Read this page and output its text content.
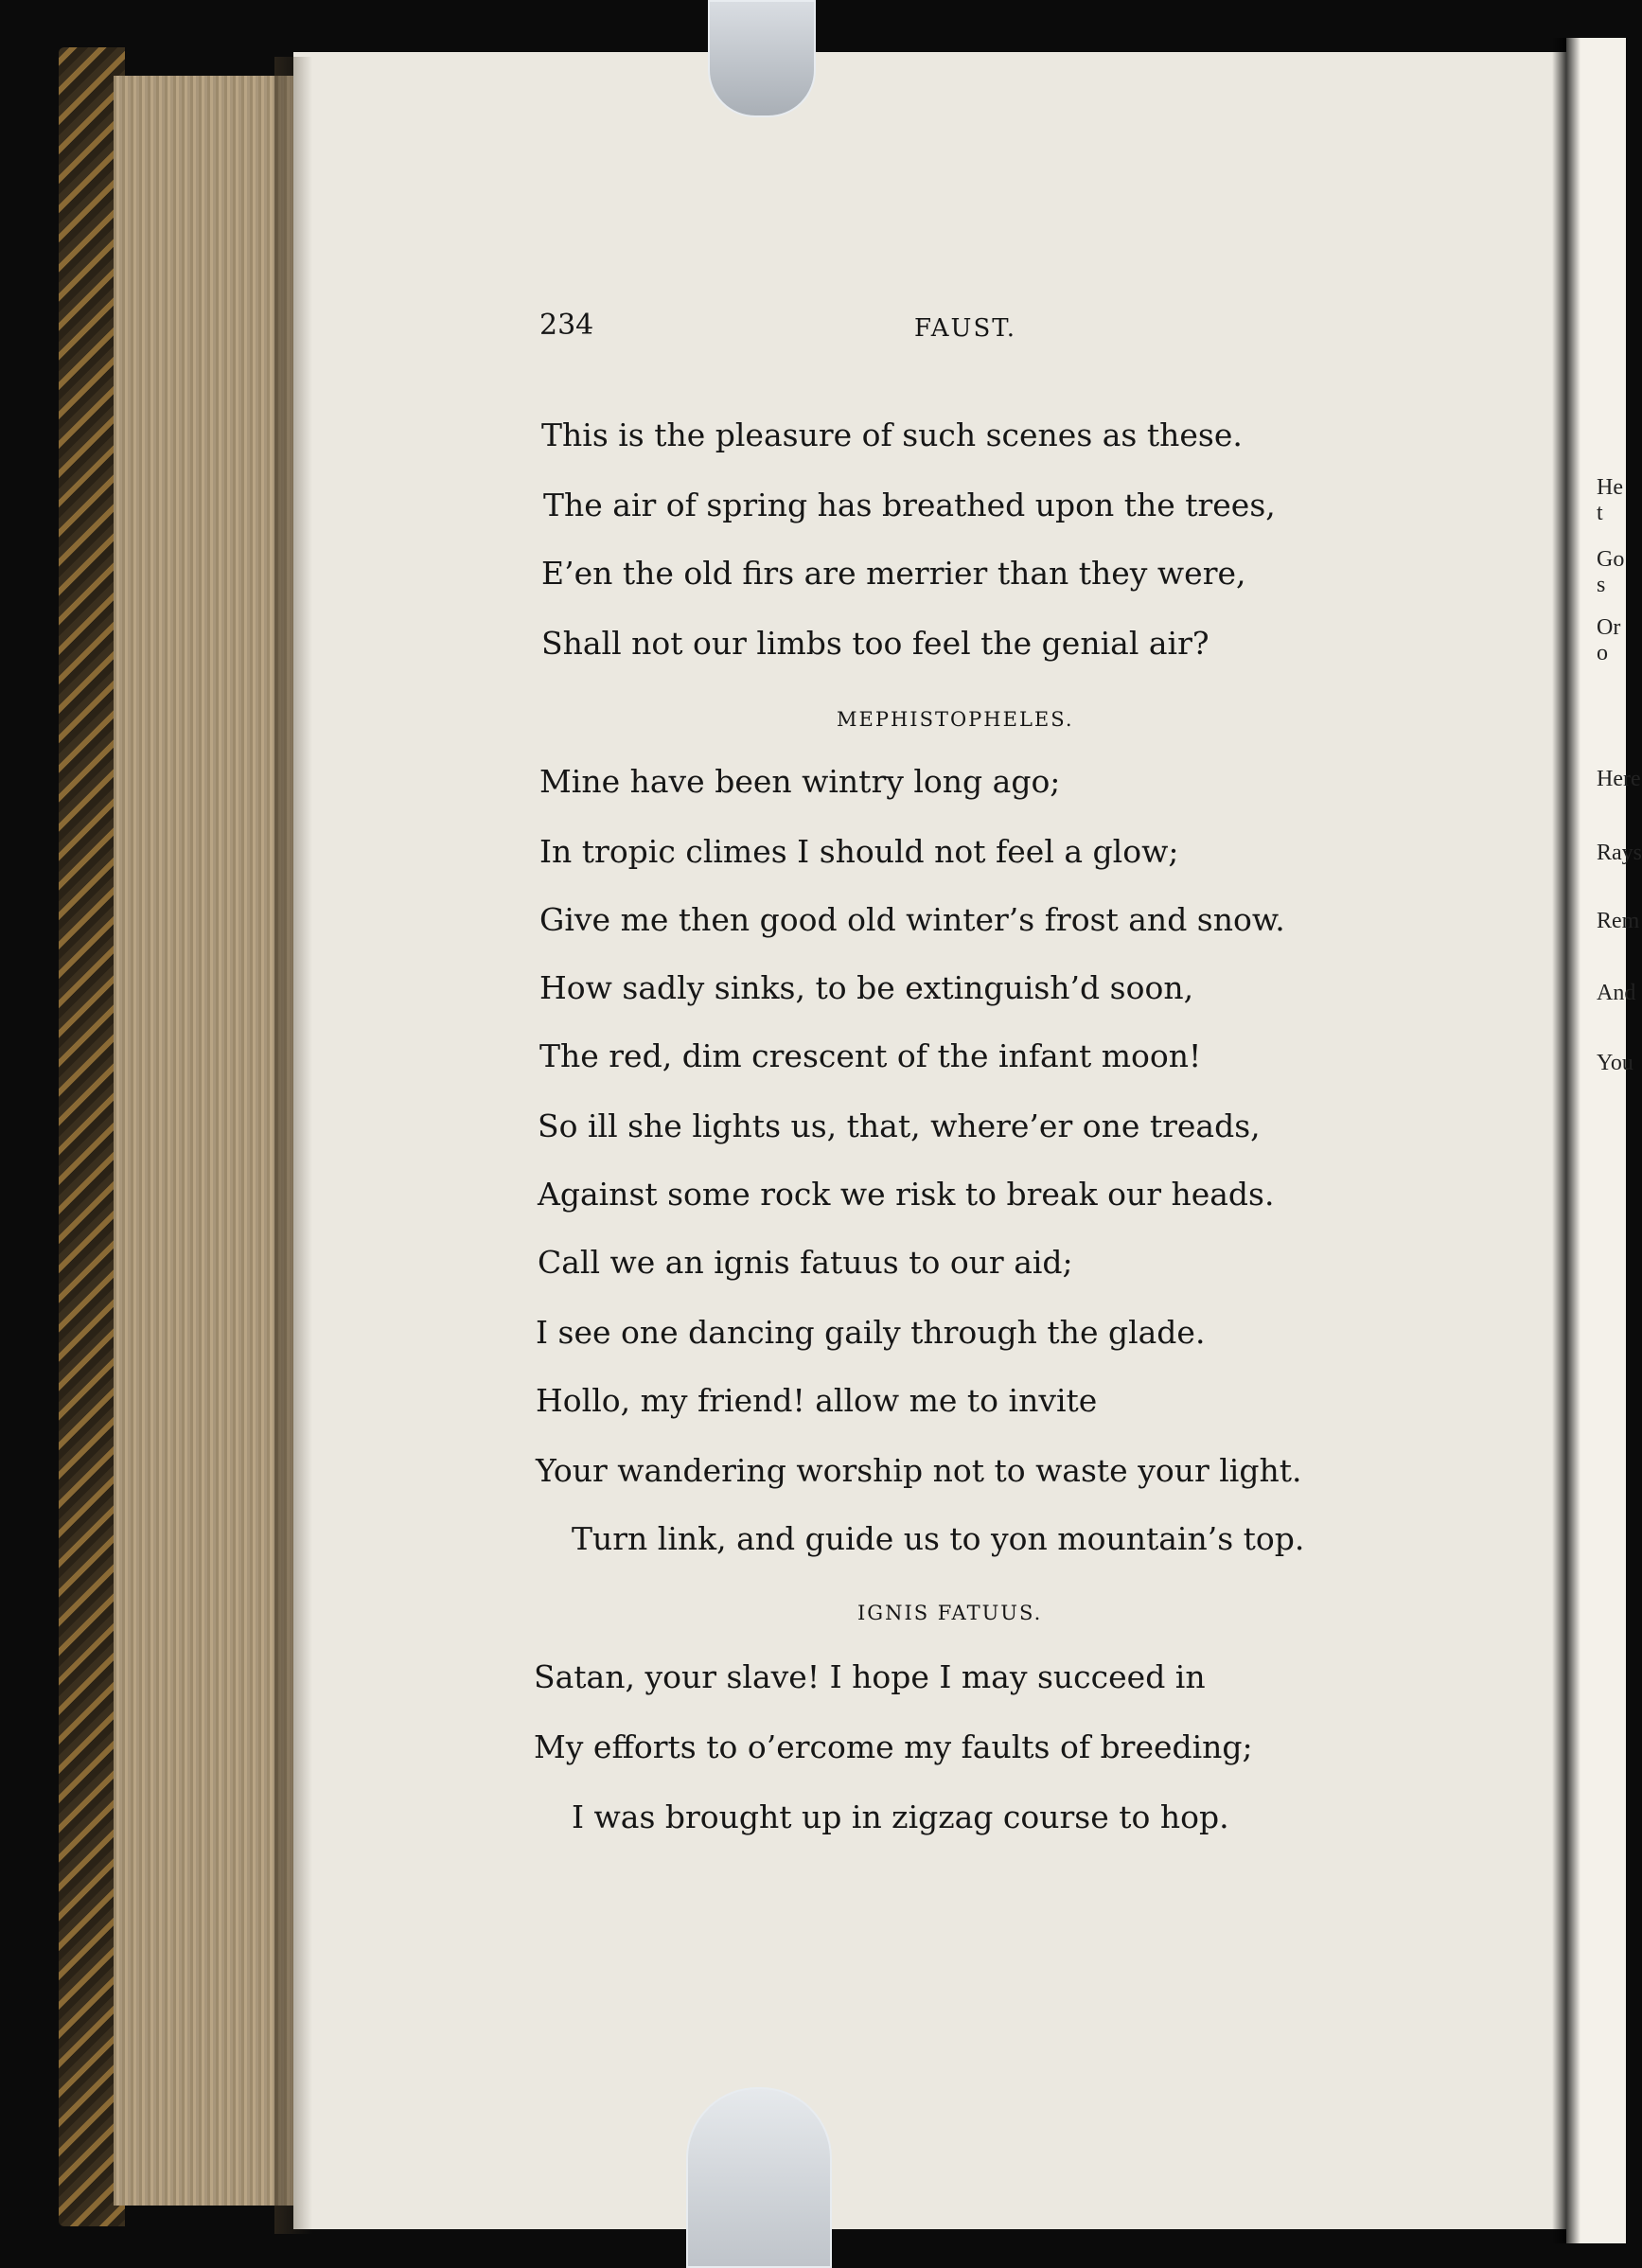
He t
Go s
Or o
Here
Rays
Rem
And
You
234	FAUST.
This is the pleasure of such scenes as these.
The air of spring has breathed upon the trees,
E’en the old firs are merrier than they were,
Shall not our limbs too feel the genial air?
MEPHISTOPHELES.
Mine have been wintry long ago;
In tropic climes I should not feel a glow;
Give me then good old winter’s frost and snow.
How sadly sinks, to be extinguish’d soon,
The red, dim crescent of the infant moon!
So ill she lights us, that, where’er one treads,
Against some rock we risk to break our heads.
Call we an ignis fatuus to our aid;
I see one dancing gaily through the glade.
Hollo, my friend! allow me to invite
Your wandering worship not to waste your light.
Turn link, and guide us to yon mountain’s top.
IGNIS FATUUS.
Satan, your slave! I hope I may succeed in
My efforts to o’ercome my faults of breeding;
I was brought up in zigzag course to hop.
